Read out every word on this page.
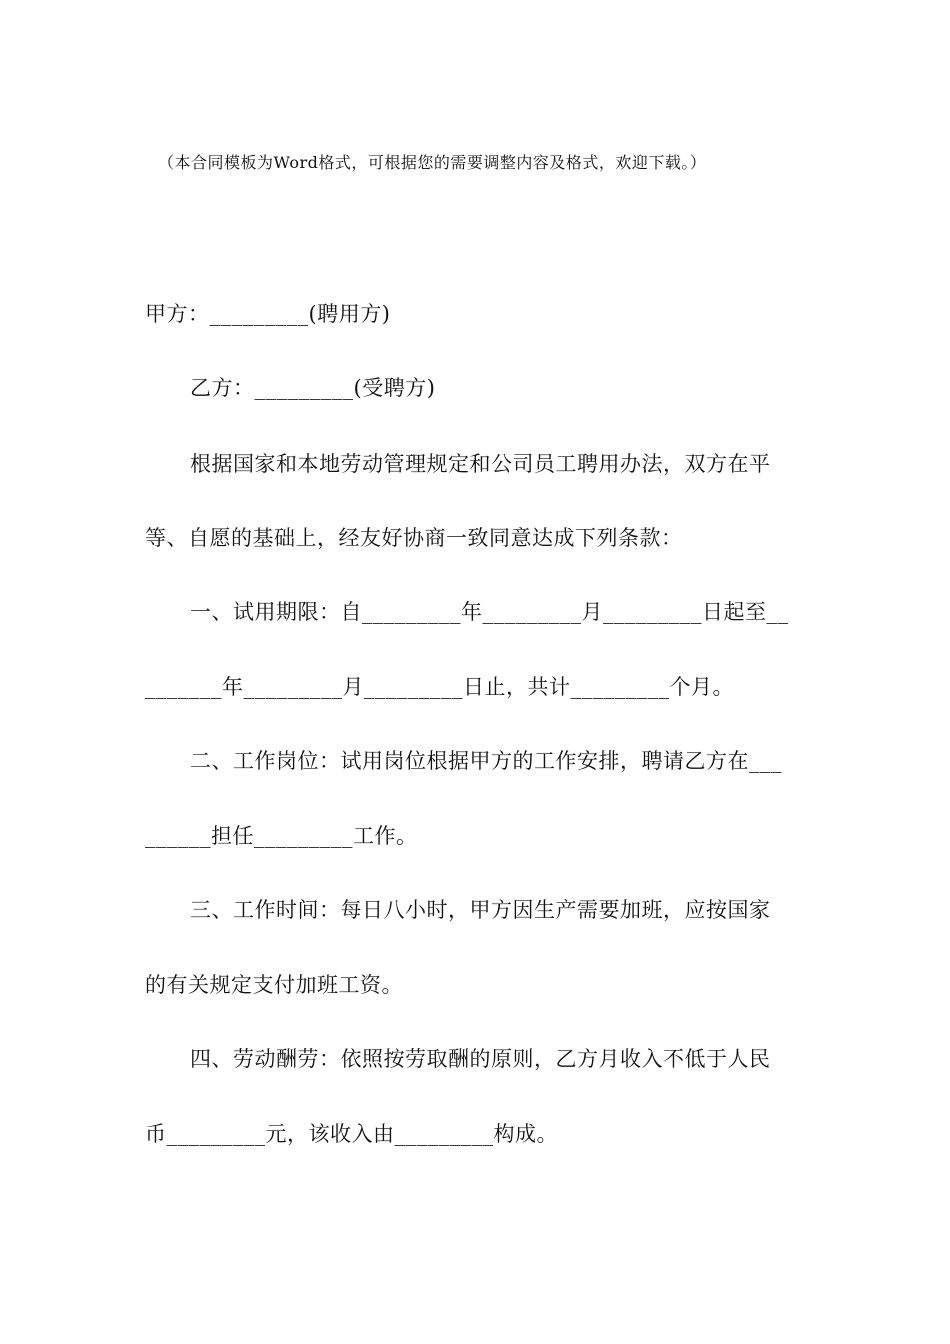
（本合同模板为Word格式，可根据您的需要调整内容及格式，欢迎下载。）
甲方：_________(聘用方)
乙方：_________(受聘方)
根据国家和本地劳动管理规定和公司员工聘用办法，双方在平
等、自愿的基础上，经友好协商一致同意达成下列条款：
一、试用期限：自_________年_________月_________日起至__
_______年_________月_________日止，共计_________个月。
二、工作岗位：试用岗位根据甲方的工作安排，聘请乙方在___
______担任_________工作。
三、工作时间：每日八小时，甲方因生产需要加班，应按国家
的有关规定支付加班工资。
四、劳动酬劳：依照按劳取酬的原则，乙方月收入不低于人民
币_________元，该收入由_________构成。
